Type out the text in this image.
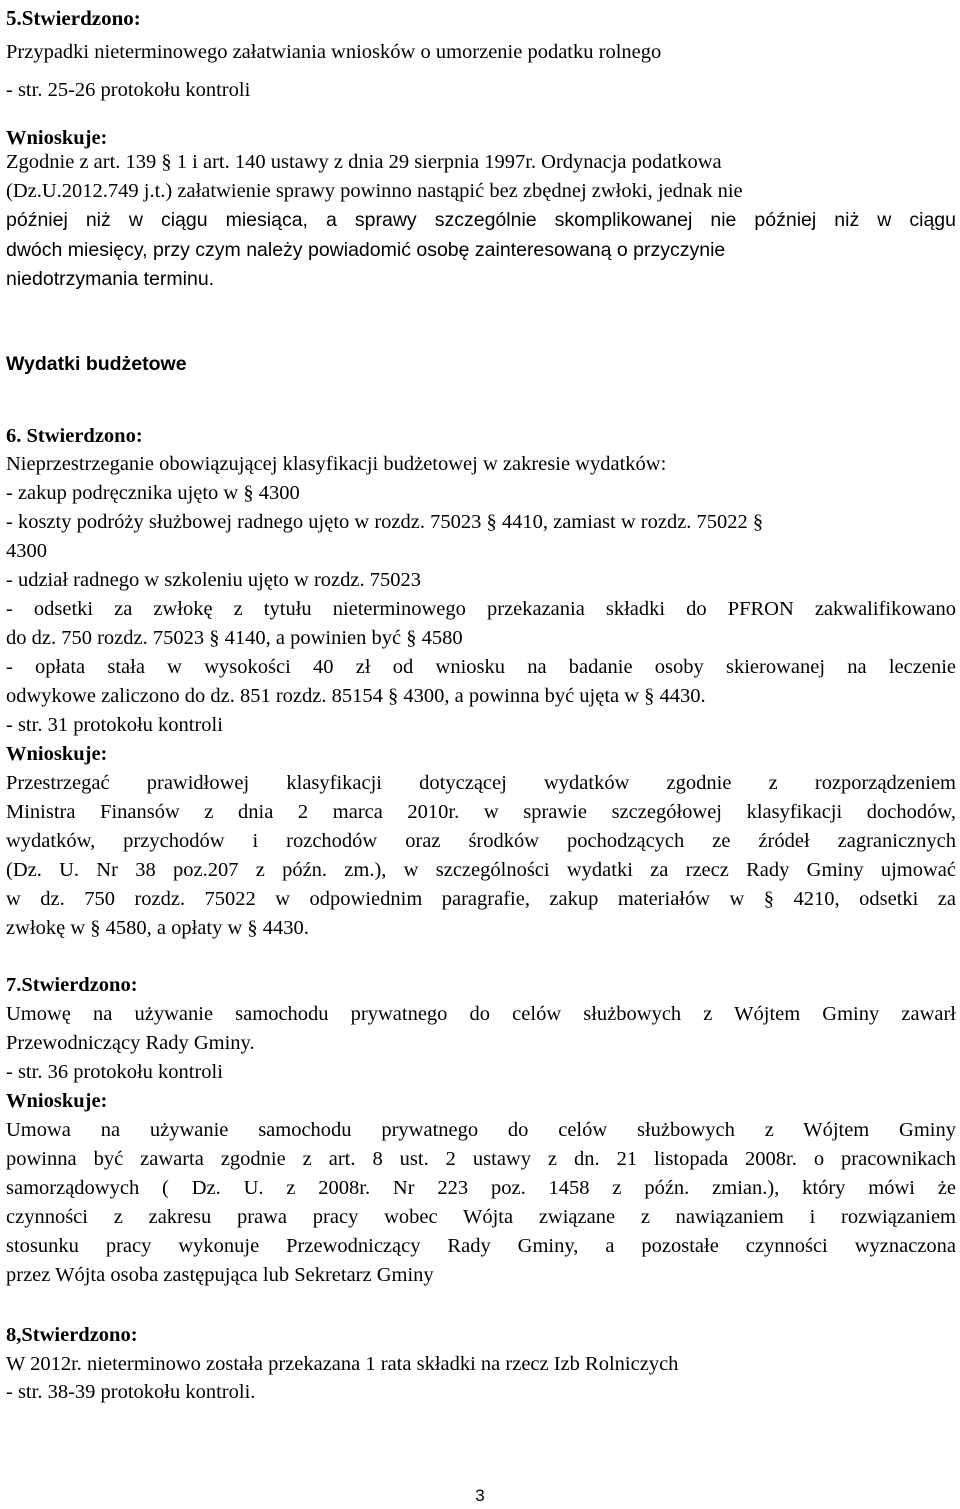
5.Stwierdzono:
Przypadki nieterminowego załatwiania wniosków o umorzenie podatku rolnego
- str. 25-26 protokołu kontroli
Wnioskuje:
Zgodnie z art. 139 § 1 i art. 140 ustawy z dnia 29 sierpnia 1997r. Ordynacja podatkowa
(Dz.U.2012.749 j.t.) załatwienie sprawy powinno nastąpić bez zbędnej zwłoki, jednak nie
później niż w ciągu miesiąca, a sprawy szczególnie skomplikowanej nie później niż w ciągu
dwóch miesięcy, przy czym należy powiadomić osobę zainteresowaną o przyczynie
niedotrzymania terminu.
Wydatki budżetowe
6. Stwierdzono:
Nieprzestrzeganie obowiązującej klasyfikacji budżetowej w zakresie wydatków:
- zakup podręcznika ujęto w § 4300
- koszty podróży służbowej radnego ujęto w rozdz. 75023 § 4410, zamiast w rozdz. 75022 §
4300
- udział radnego w szkoleniu ujęto w rozdz. 75023
- odsetki za zwłokę z tytułu nieterminowego przekazania składki do PFRON zakwalifikowano
do dz. 750 rozdz. 75023 § 4140, a powinien być § 4580
- opłata stała w wysokości 40 zł od wniosku na badanie osoby skierowanej na leczenie
odwykowe zaliczono do dz. 851 rozdz. 85154 § 4300, a powinna być ujęta w § 4430.
- str. 31 protokołu kontroli
Wnioskuje:
Przestrzegać prawidłowej klasyfikacji dotyczącej wydatków zgodnie z rozporządzeniem
Ministra Finansów z dnia 2 marca 2010r. w sprawie szczegółowej klasyfikacji dochodów,
wydatków, przychodów i rozchodów oraz środków pochodzących ze źródeł zagranicznych
(Dz. U. Nr 38 poz.207 z późn. zm.), w szczególności wydatki za rzecz Rady Gminy ujmować
w dz. 750 rozdz. 75022 w odpowiednim paragrafie, zakup materiałów w § 4210, odsetki za
zwłokę w § 4580, a opłaty w § 4430.
7.Stwierdzono:
Umowę na używanie samochodu prywatnego do celów służbowych z Wójtem Gminy zawarł
Przewodniczący Rady Gminy.
- str. 36 protokołu kontroli
Wnioskuje:
Umowa na używanie samochodu prywatnego do celów służbowych z Wójtem Gminy
powinna być zawarta zgodnie z art. 8 ust. 2 ustawy z dn. 21 listopada 2008r. o pracownikach
samorządowych ( Dz. U. z 2008r. Nr 223 poz. 1458 z późn. zmian.), który mówi że
czynności z zakresu prawa pracy wobec Wójta związane z nawiązaniem i rozwiązaniem
stosunku pracy wykonuje Przewodniczący Rady Gminy, a pozostałe czynności wyznaczona
przez Wójta osoba zastępująca lub Sekretarz Gminy
8,Stwierdzono:
W 2012r. nieterminowo została przekazana 1 rata składki na rzecz Izb Rolniczych
- str. 38-39 protokołu kontroli.
3
